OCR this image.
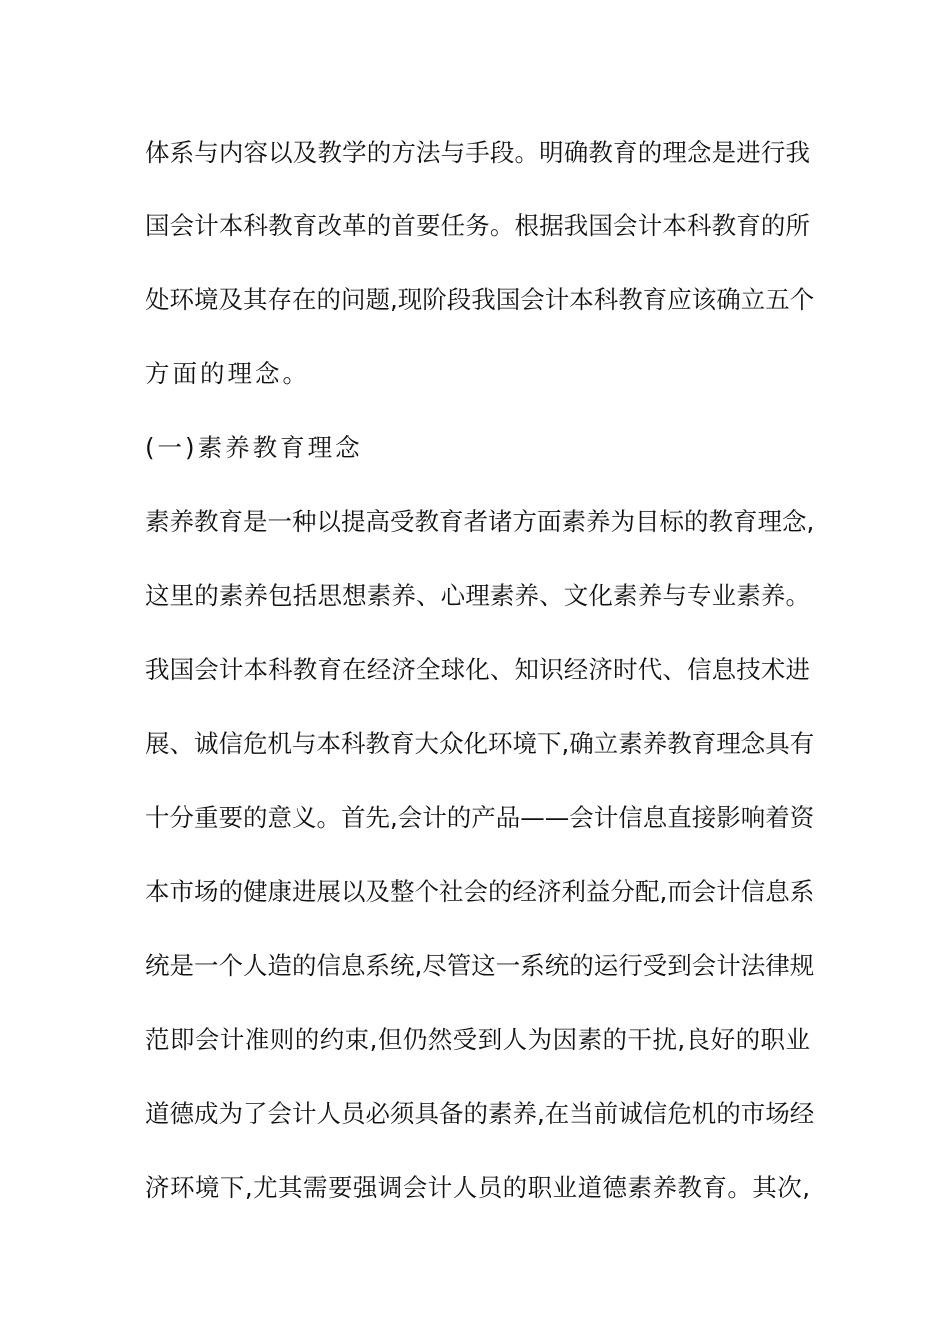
体系与内容以及教学的方法与手段。明确教育的理念是进行我
国会计本科教育改革的首要任务。根据我国会计本科教育的所
处环境及其存在的问题,现阶段我国会计本科教育应该确立五个
方面的理念。
(一)素养教育理念
素养教育是一种以提高受教育者诸方面素养为目标的教育理念,
这里的素养包括思想素养、心理素养、文化素养与专业素养。
我国会计本科教育在经济全球化、知识经济时代、信息技术进
展、诚信危机与本科教育大众化环境下,确立素养教育理念具有
十分重要的意义。首先,会计的产品——会计信息直接影响着资
本市场的健康进展以及整个社会的经济利益分配,而会计信息系
统是一个人造的信息系统,尽管这一系统的运行受到会计法律规
范即会计准则的约束,但仍然受到人为因素的干扰,良好的职业
道德成为了会计人员必须具备的素养,在当前诚信危机的市场经
济环境下,尤其需要强调会计人员的职业道德素养教育。其次,
